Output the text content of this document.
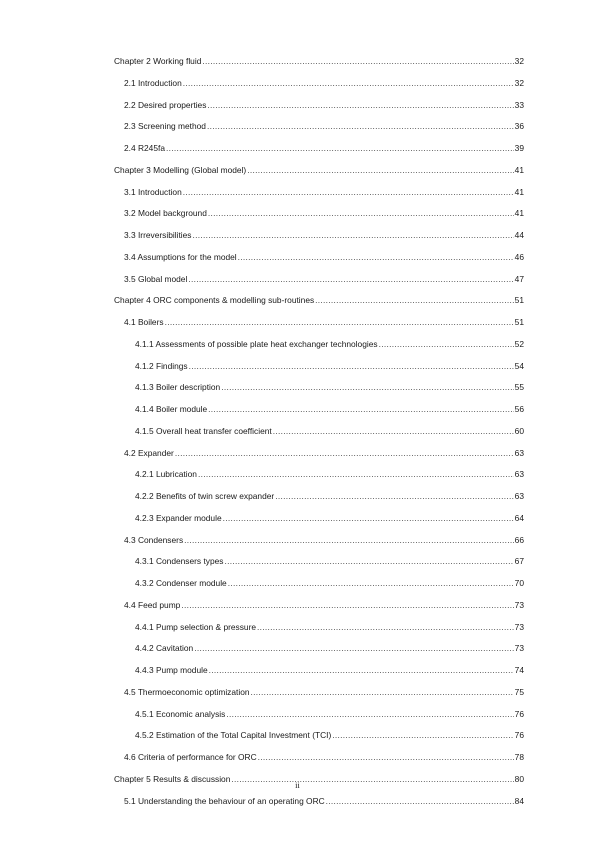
Chapter 2 Working fluid .....	32
2.1 Introduction .....	32
2.2 Desired properties .....	33
2.3 Screening method .....	36
2.4 R245fa .....	39
Chapter 3 Modelling (Global model) .....	41
3.1 Introduction .....	41
3.2 Model background .....	41
3.3 Irreversibilities .....	44
3.4 Assumptions for the model .....	46
3.5 Global model .....	47
Chapter 4 ORC components & modelling sub-routines .....	51
4.1 Boilers .....	51
4.1.1 Assessments of possible plate heat exchanger technologies .....	52
4.1.2 Findings .....	54
4.1.3 Boiler description .....	55
4.1.4 Boiler module .....	56
4.1.5 Overall heat transfer coefficient .....	60
4.2 Expander .....	63
4.2.1 Lubrication .....	63
4.2.2 Benefits of twin screw expander .....	63
4.2.3 Expander module .....	64
4.3 Condensers .....	66
4.3.1 Condensers types .....	67
4.3.2 Condenser module .....	70
4.4 Feed pump .....	73
4.4.1 Pump selection & pressure .....	73
4.4.2 Cavitation .....	73
4.4.3 Pump module .....	74
4.5 Thermoeconomic optimization .....	75
4.5.1 Economic analysis .....	76
4.5.2 Estimation of the Total Capital Investment (TCI) .....	76
4.6 Criteria of performance for ORC .....	78
Chapter 5 Results & discussion .....	80
5.1 Understanding the behaviour of an operating ORC .....	84
ii
